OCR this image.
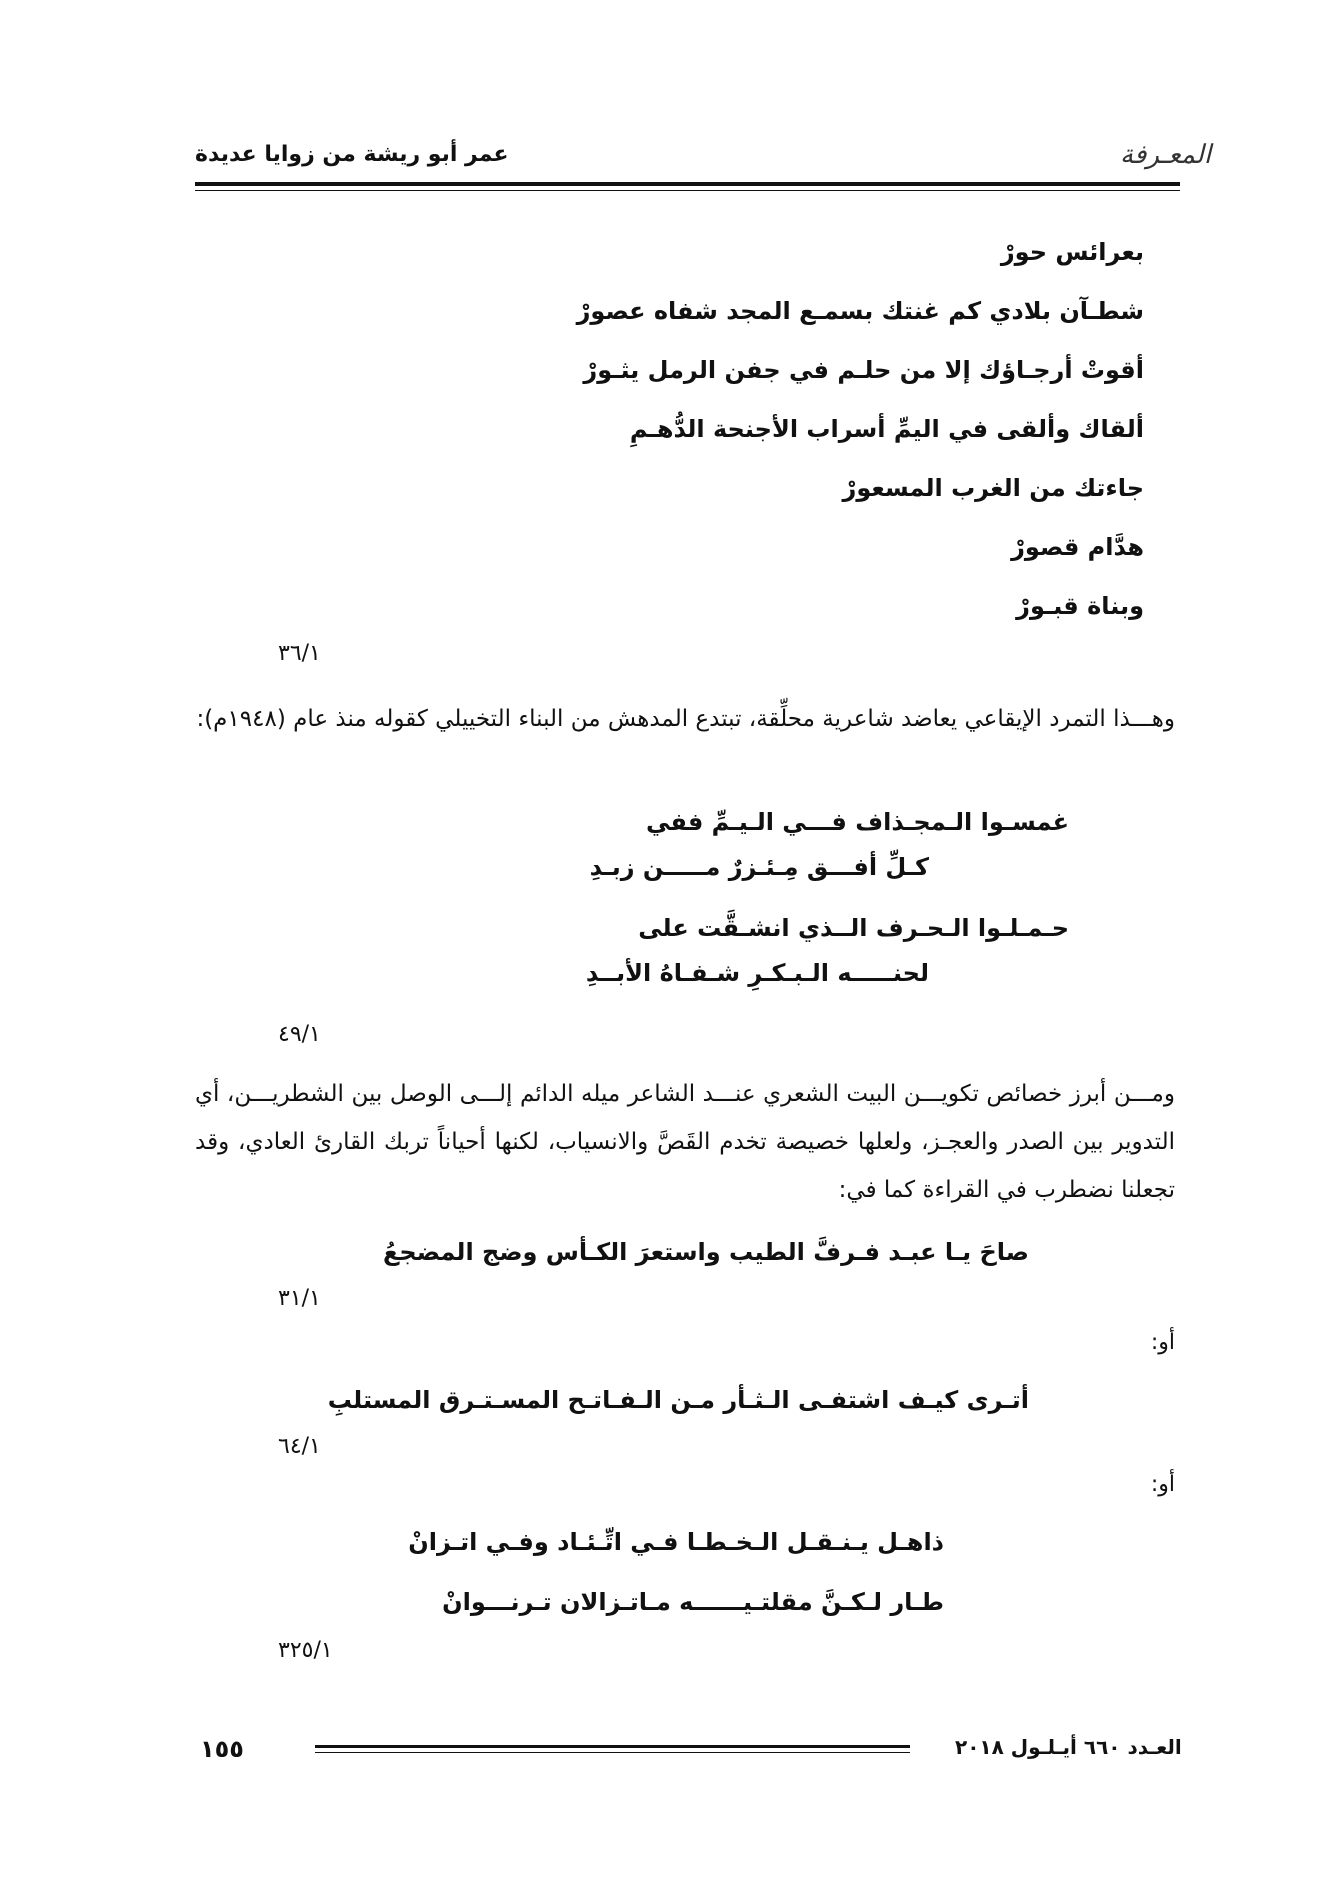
المعـرفة
عمر أبو ريشة من زوايا عديدة
بعرائس حورْ
شطـآن بلادي كم غنتك بسمـع المجد شفاه عصورْ
أقوتْ أرجـاؤك إلا من حلـم في جفن الرمل يثـورْ
ألقاك وألقى في اليمِّ أسراب الأجنحة الدُّهـمِ
جاءتك من الغرب المسعورْ
هدَّام قصورْ
وبناة قبـورْ
٣٦/١
وهـــذا التمرد الإيقاعي يعاضد شاعرية محلِّقة، تبتدع المدهش من البناء التخييلي كقوله منذ عام (١٩٤٨م):
غمسـوا الـمجـذاف فـــي الـيـمِّ ففي
كـلِّ أفـــق مِـئـزرٌ مـــــن زبـدِ
حـمـلـوا الـحـرف الــذي انشـقَّت على
لحنـــــه الـبـكـرِ شـفـاهُ الأبــدِ
٤٩/١
ومـــن أبرز خصائص تكويـــن البيت الشعري عنـــد الشاعر ميله الدائم إلـــى الوصل بين الشطريـــن، أي التدوير بين الصدر والعجـز، ولعلها خصيصة تخدم القَصَّ والانسياب، لكنها أحياناً تربك القارئ العادي، وقد تجعلنا نضطرب في القراءة كما في:
صاحَ يـا عبـد فـرفَّ الطيب واستعرَ الكـأس وضج المضجعُ
٣١/١
أو:
أتـرى كيـف اشتفـى الـثـأر مـن الـفـاتـح المسـتـرق المستلبِ
٦٤/١
أو:
ذاهـل يـنـقـل الـخـطـا فـي اتِّـئـاد وفـي اتـزانْ
طـار لـكـنَّ مقلتـيــــــه مـاتـزالان تـرنـــوانْ
٣٢٥/١
١٥٥	العـدد ٦٦٠ أيـلـول ٢٠١٨
